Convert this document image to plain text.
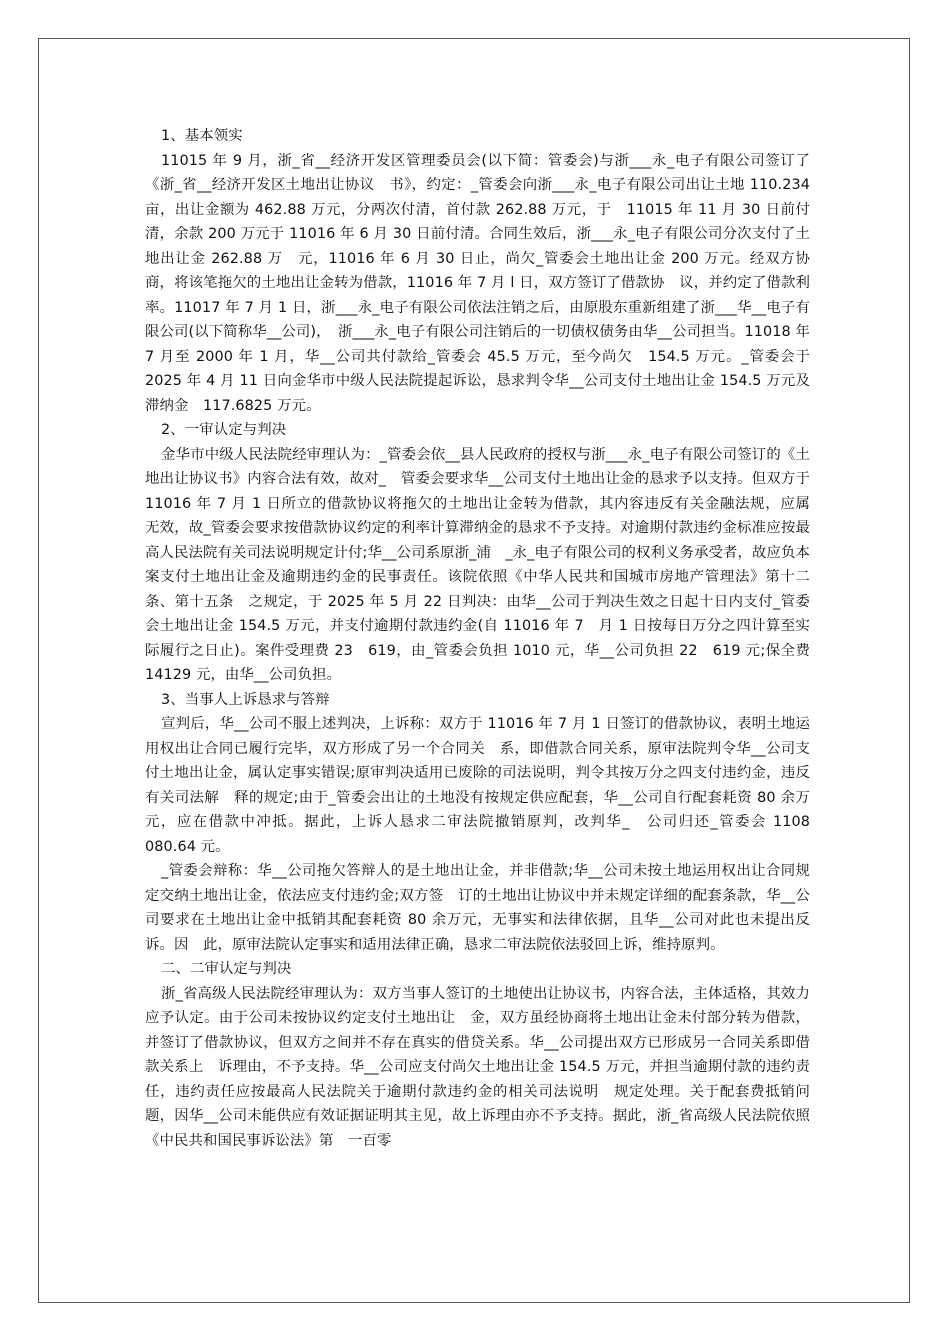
1、基本领实

11015 年 9 月，浙_省__经济开发区管理委员会(以下简：管委会)与浙___永_电子有限公司签订了《浙_省__经济开发区土地出让协议　书》，约定：_管委会向浙___永_电子有限公司出让土地 110.234 亩，出让金额为 462.88 万元，分两次付清，首付款 262.88 万元，于　11015 年 11 月 30 日前付清，余款 200 万元于 11016 年 6 月 30 日前付清。合同生效后，浙___永_电子有限公司分次支付了土地出让金 262.88 万　元，11016 年 6 月 30 日止，尚欠_管委会土地出让金 200 万元。经双方协商，将该笔拖欠的土地出让金转为借款，11016 年 7 月 l 日，双方签订了借款协　议，并约定了借款利率。11017 年 7 月 1 日，浙___永_电子有限公司依法注销之后，由原股东重新组建了浙___华__电子有限公司(以下简称华__公司)，　浙___永_电子有限公司注销后的一切债权债务由华__公司担当。11018 年 7 月至 2000 年 1 月，华__公司共付款给_管委会 45.5 万元，至今尚欠　154.5 万元。_管委会于 2025 年 4 月 11 日向金华市中级人民法院提起诉讼，恳求判令华__公司支付土地出让金 154.5 万元及滞纳金　117.6825 万元。

2、一审认定与判决

金华市中级人民法院经审理认为：_管委会依__县人民政府的授权与浙___永_电子有限公司签订的《土地出让协议书》内容合法有效，故对_　管委会要求华__公司支付土地出让金的恳求予以支持。但双方于 11016 年 7 月 1 日所立的借款协议将拖欠的土地出让金转为借款，其内容违反有关金融法规，应属　无效，故_管委会要求按借款协议约定的利率计算滞纳金的恳求不予支持。对逾期付款违约金标准应按最高人民法院有关司法说明规定计付;华__公司系原浙_浦　_永_电子有限公司的权利义务承受者，故应负本案支付土地出让金及逾期违约金的民事责任。该院依照《中华人民共和国城市房地产管理法》第十二条、第十五条　之规定，于 2025 年 5 月 22 日判决：由华__公司于判决生效之日起十日内支付_管委会土地出让金 154.5 万元，并支付逾期付款违约金(自 11016 年 7　月 1 日按每日万分之四计算至实际履行之日止)。案件受理费 23　619，由_管委会负担 1010 元，华__公司负担 22　619 元;保全费 14129 元，由华__公司负担。

3、当事人上诉恳求与答辩

宣判后，华__公司不服上述判决，上诉称：双方于 11016 年 7 月 1 日签订的借款协议，表明土地运用权出让合同已履行完毕，双方形成了另一个合同关　系，即借款合同关系，原审法院判令华__公司支付土地出让金，属认定事实错误;原审判决适用已废除的司法说明，判令其按万分之四支付违约金，违反有关司法解　释的规定;由于_管委会出让的土地没有按规定供应配套，华__公司自行配套耗资 80 余万元，应在借款中冲抵。据此，上诉人恳求二审法院撤销原判，改判华_　公司归还_管委会 1108　080.64 元。

_管委会辩称：华__公司拖欠答辩人的是土地出让金，并非借款;华__公司未按土地运用权出让合同规定交纳土地出让金，依法应支付违约金;双方签　订的土地出让协议中并未规定详细的配套条款，华__公司要求在土地出让金中抵销其配套耗资 80 余万元，无事实和法律依据，且华__公司对此也未提出反诉。因　此，原审法院认定事实和适用法律正确，恳求二审法院依法驳回上诉，维持原判。

二、二审认定与判决

浙_省高级人民法院经审理认为：双方当事人签订的土地使出让协议书，内容合法，主体适格，其效力应予认定。由于公司未按协议约定支付土地出让　金，双方虽经协商将土地出让金未付部分转为借款，并签订了借款协议，但双方之间并不存在真实的借贷关系。华__公司提出双方已形成另一合同关系即借款关系上　诉理由，不予支持。华__公司应支付尚欠土地出让金 154.5 万元，并担当逾期付款的违约责任，违约责任应按最高人民法院关于逾期付款违约金的相关司法说明　规定处理。关于配套费抵销问题，因华__公司未能供应有效证据证明其主见，故上诉理由亦不予支持。据此，浙_省高级人民法院依照《中民共和国民事诉讼法》第　一百零
